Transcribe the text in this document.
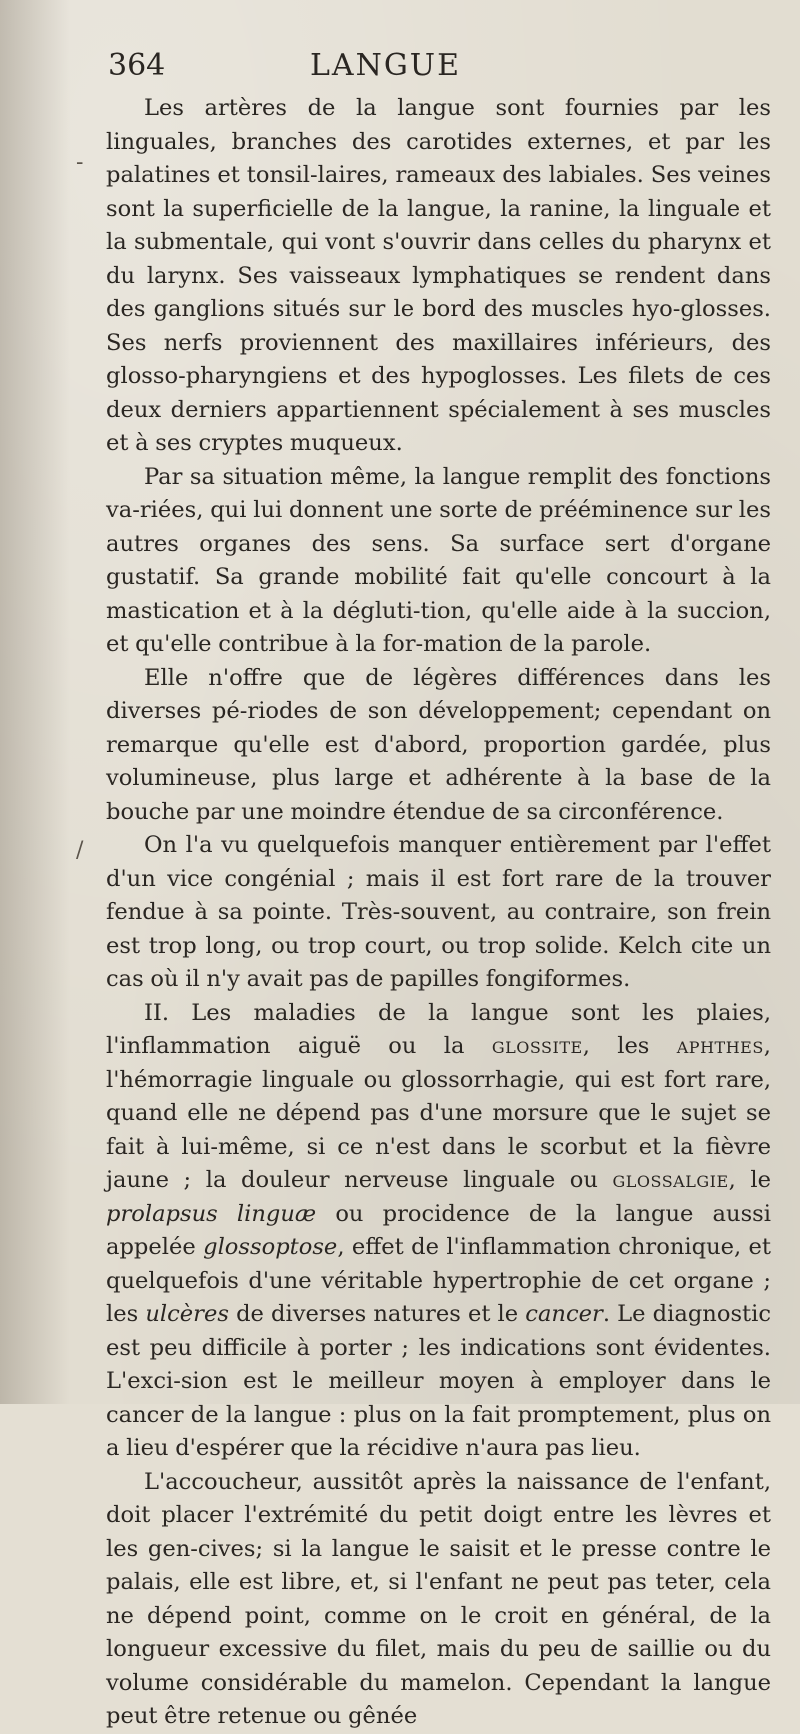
364	LANGUE

Les artères de la langue sont fournies par les linguales, branches des carotides externes, et par les palatines et tonsil-laires, rameaux des labiales. Ses veines sont la superficielle de la langue, la ranine, la linguale et la submentale, qui vont s'ouvrir dans celles du pharynx et du larynx. Ses vaisseaux lymphatiques se rendent dans des ganglions situés sur le bord des muscles hyo-glosses. Ses nerfs proviennent des maxillaires inférieurs, des glosso-pharyngiens et des hypoglosses. Les filets de ces deux derniers appartiennent spécialement à ses muscles et à ses cryptes muqueux.

Par sa situation même, la langue remplit des fonctions va-riées, qui lui donnent une sorte de prééminence sur les autres organes des sens. Sa surface sert d'organe gustatif. Sa grande mobilité fait qu'elle concourt à la mastication et à la dégluti-tion, qu'elle aide à la succion, et qu'elle contribue à la for-mation de la parole.

Elle n'offre que de légères différences dans les diverses pé-riodes de son développement; cependant on remarque qu'elle est d'abord, proportion gardée, plus volumineuse, plus large et adhérente à la base de la bouche par une moindre étendue de sa circonférence.

On l'a vu quelquefois manquer entièrement par l'effet d'un vice congénial ; mais il est fort rare de la trouver fendue à sa pointe. Très-souvent, au contraire, son frein est trop long, ou trop court, ou trop solide. Kelch cite un cas où il n'y avait pas de papilles fongiformes.

II. Les maladies de la langue sont les plaies, l'inflammation aiguë ou la glossite, les aphthes, l'hémorragie linguale ou glossorrhagie, qui est fort rare, quand elle ne dépend pas d'une morsure que le sujet se fait à lui-même, si ce n'est dans le scorbut et la fièvre jaune ; la douleur nerveuse linguale ou glossalgie, le prolapsus linguæ ou procidence de la langue aussi appelée glossoptose, effet de l'inflammation chronique, et quelquefois d'une véritable hypertrophie de cet organe ; les ulcères de diverses natures et le cancer. Le diagnostic est peu difficile à porter ; les indications sont évidentes. L'exci-sion est le meilleur moyen à employer dans le cancer de la langue : plus on la fait promptement, plus on a lieu d'espérer que la récidive n'aura pas lieu.

L'accoucheur, aussitôt après la naissance de l'enfant, doit placer l'extrémité du petit doigt entre les lèvres et les gen-cives; si la langue le saisit et le presse contre le palais, elle est libre, et, si l'enfant ne peut pas teter, cela ne dépend point, comme on le croit en général, de la longueur excessive du filet, mais du peu de saillie ou du volume considérable du mamelon. Cependant la langue peut être retenue ou gênée

-
/
